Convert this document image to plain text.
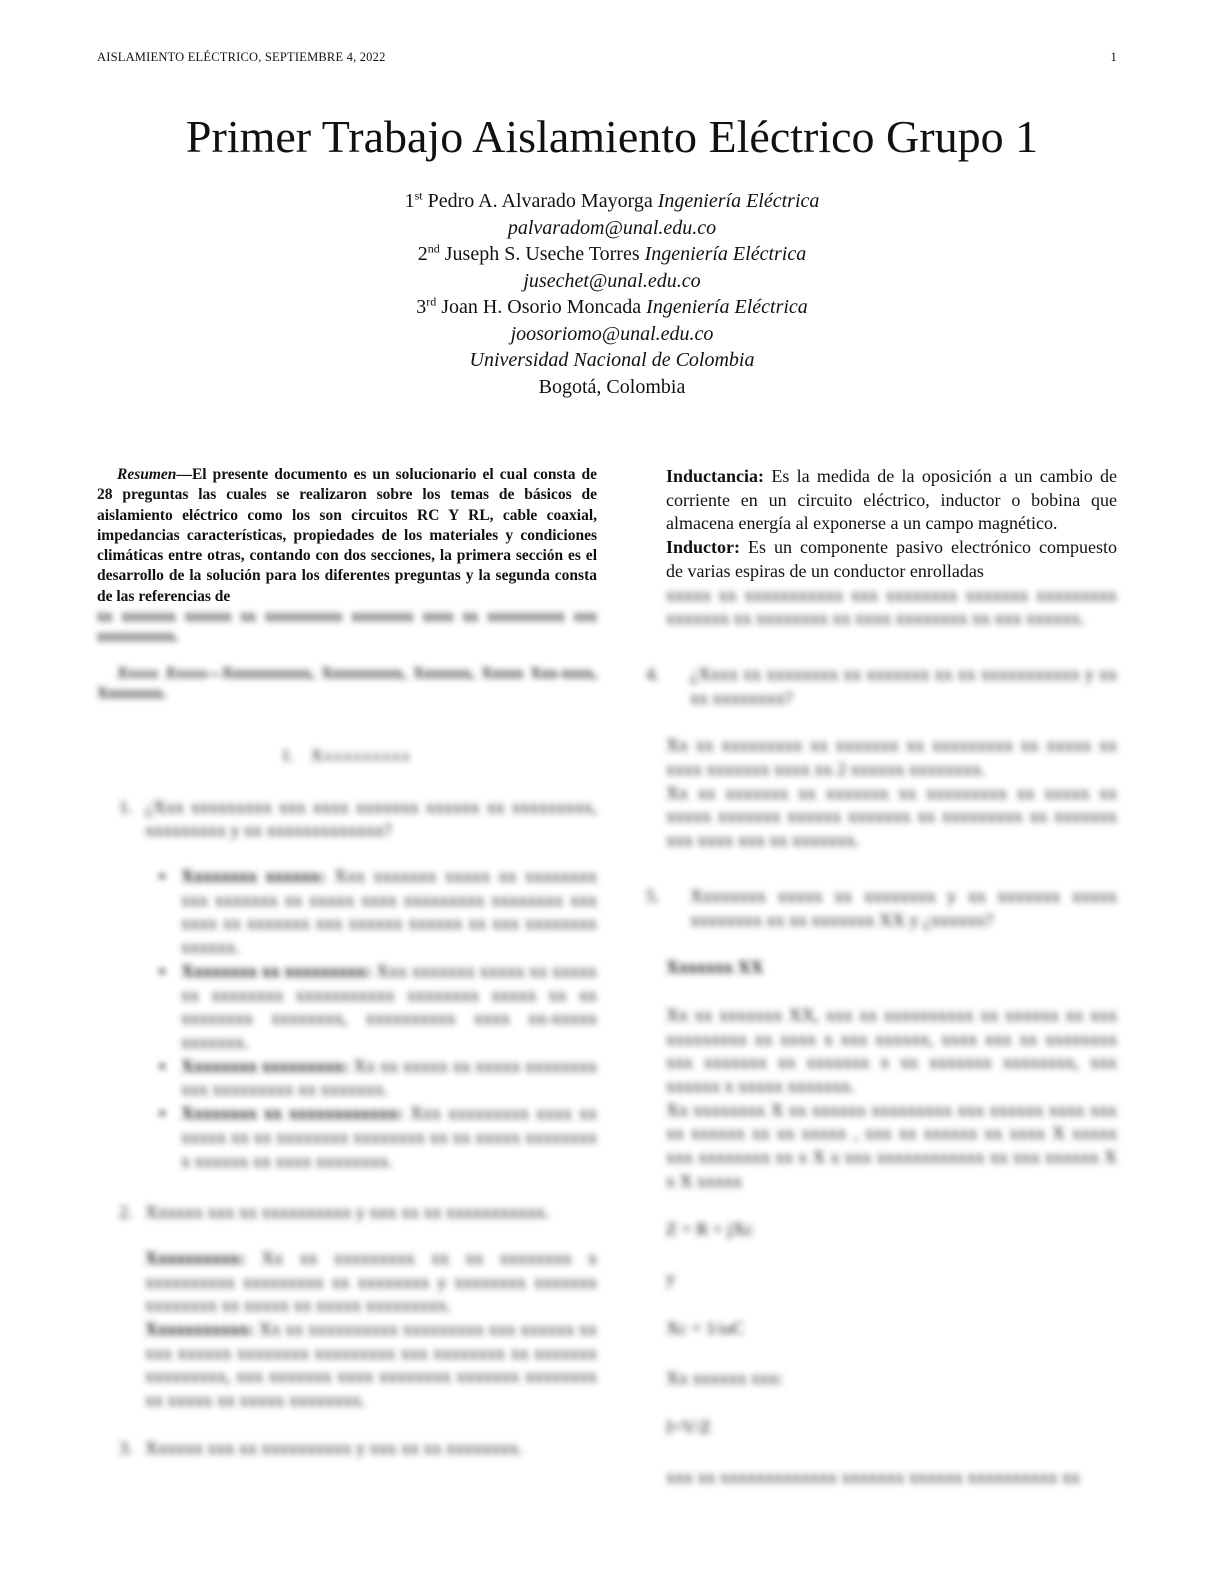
AISLAMIENTO ELÉCTRICO, SEPTIEMBRE 4, 2022	1
Primer Trabajo Aislamiento Eléctrico Grupo 1
1st Pedro A. Alvarado Mayorga Ingeniería Eléctrica
palvaradom@unal.edu.co
2nd Juseph S. Useche Torres Ingeniería Eléctrica
jusechet@unal.edu.co
3rd Joan H. Osorio Moncada Ingeniería Eléctrica
joosoriomo@unal.edu.co
Universidad Nacional de Colombia
Bogotá, Colombia

Resumen—El presente documento es un solucionario el cual consta de 28 preguntas las cuales se realizaron sobre los temas de básicos de aislamiento eléctrico como los son circuitos RC Y RL, cable coaxial, impedancias características, propiedades de los materiales y condiciones climáticas entre otras, contando con dos secciones, la primera sección es el desarrollo de la solución para los diferentes preguntas y la segunda consta de las referencias de

xx xxxxxxx xxxxxx xx xxxxxxxxxx xxxxxxxx xxxx xx xxxxxxxxxx xxx xxxxxxxxxx.

Xxxxx Xxxxx—Xxxxxxxxxxx, Xxxxxxxxxx, Xxxxxxx, Xxxxx Xxx-xxxx, Xxxxxxxx.

I.   Xxxxxxxxxx

1. ¿Xxx xxxxxxxxx xxx xxxx xxxxxxx xxxxxx xx xxxxxxxxx, xxxxxxxxx y xx xxxxxxxxxxxxx?

▪ Xxxxxxxx xxxxxx: Xxx xxxxxxx xxxxx xx xxxxxxxx xxx xxxxxxx xx xxxxx xxxx xxxxxxxxx xxxxxxxx xxx xxxx xx xxxxxxx xxx xxxxxx xxxxxx xx xxx xxxxxxxx xxxxxx.
▪ Xxxxxxxx xx xxxxxxxxx: Xxx xxxxxxx xxxxx xx xxxxx xx xxxxxxxx xxxxxxxxxxx xxxxxxxx xxxxx xx xx xxxxxxxx xxxxxxxx, xxxxxxxxxx xxxx xx-xxxxx xxxxxxx.
▪ Xxxxxxxx xxxxxxxxx: Xx xx xxxxx xx xxxxx xxxxxxxx xxx xxxxxxxxx xx xxxxxxx.
▪ Xxxxxxxx xx xxxxxxxxxxxx: Xxx xxxxxxxxx xxxx xx xxxxx xx xx xxxxxxxx xxxxxxxx xx xx xxxxx xxxxxxxx x xxxxxx xx xxxx xxxxxxxx.

2. Xxxxxx xxx xx xxxxxxxxxx y xxx xx xx xxxxxxxxxxx.

Xxxxxxxxxx: Xx xx xxxxxxxxx xx xx xxxxxxxx x xxxxxxxxxx xxxxxxxxx xx xxxxxxxx y xxxxxxxx xxxxxxx xxxxxxxx xx xxxxx xx xxxxx xxxxxxxxx.
Xxxxxxxxxxx: Xx xx xxxxxxxxxx xxxxxxxxx xxx xxxxxx xx xxx xxxxxx xxxxxxxx xxxxxxxxx xxx xxxxxxxx xx xxxxxxx xxxxxxxxx, xxx xxxxxxx xxxx xxxxxxxx xxxxxxx xxxxxxxx xx xxxxx xx xxxxx xxxxxxxx.

3. Xxxxxx xxx xx xxxxxxxxxx y xxx xx xx xxxxxxxx.

Inductancia: Es la medida de la oposición a un cambio de corriente en un circuito eléctrico, inductor o bobina que almacena energía al exponerse a un campo magnético.

Inductor: Es un componente pasivo electrónico compuesto de varias espiras de un conductor enrolladas

xxxxx xx xxxxxxxxxxx xxx xxxxxxxx xxxxxxx xxxxxxxxx xxxxxxx xx xxxxxxxx xx xxxx xxxxxxxx xx xxx xxxxxx.

4. ¿Xxxx xx xxxxxxxx xx xxxxxxx xx xx xxxxxxxxxxx y xx xx xxxxxxxx?

Xx xx xxxxxxxxx xx xxxxxxx xx xxxxxxxxx xx xxxxx xx xxxx xxxxxxx xxxx xx 2 xxxxxx xxxxxxxx.
Xx xx xxxxxxx xx xxxxxxx xx xxxxxxxxx xx xxxxx xx xxxxx xxxxxxx xxxxxx xxxxxxx xx xxxxxxxxx xx xxxxxxx xxx xxxx xxx xx xxxxxxx.

5. Xxxxxxxx xxxxx xx xxxxxxxx y xx xxxxxxx xxxxx xxxxxxxx xx xx xxxxxxx XX y ¿xxxxxx?

Xxxxxxx XX

Xx xx xxxxxxx XX, xxx xx xxxxxxxxxx xx xxxxxx xx xxx xxxxxxxxx xx xxxx x xxx xxxxxx, xxxx xxx xx xxxxxxxx xxx xxxxxxx xx xxxxxxx x xx xxxxxxx xxxxxxxx, xxx xxxxxx x xxxxx xxxxxxx.
Xx xxxxxxxx X xx xxxxxx xxxxxxxxx xxx xxxxxx xxxx xxx xx xxxxxx xx xx xxxxx , xxx xx xxxxxx xx xxxx X xxxxx xxx xxxxxxxx xx x X x xxx xxxxxxxxxxxx xx xxx xxxxxx X x X xxxxx

Z = R + jXc

y

Xc = 1/ωC

Xx xxxxxx xxx:

I=V/Z

xxx xx xxxxxxxxxxxxx xxxxxxx xxxxxx xxxxxxxxxx xx
